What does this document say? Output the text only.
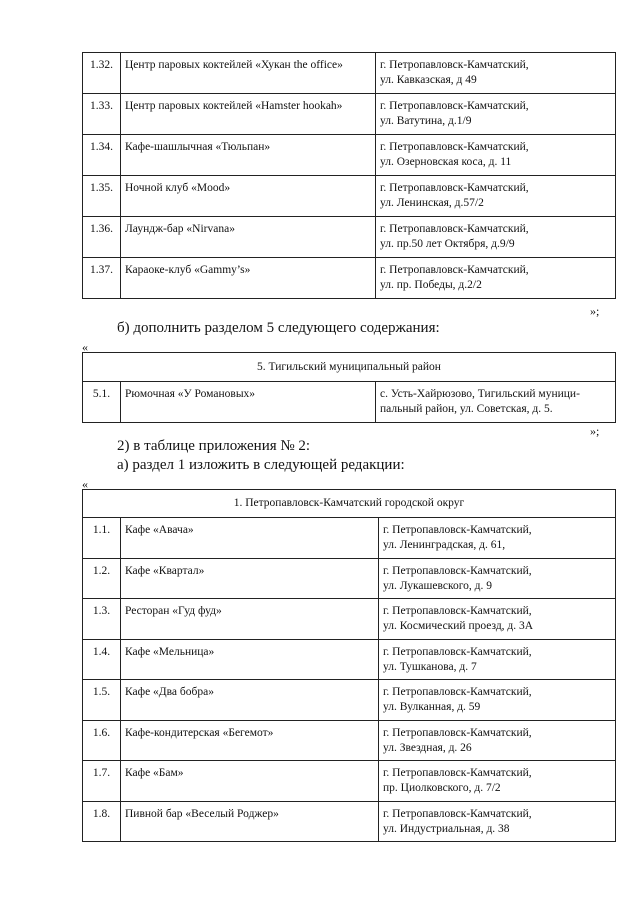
1.32.	Центр паровых коктейлей «Хукан the office»	г. Петропавловск-Камчатский,
ул. Кавказская, д 49

1.33.	Центр паровых коктейлей «Hamster hookah»	г. Петропавловск-Камчатский,
ул. Ватутина, д.1/9

1.34.	Кафе-шашлычная «Тюльпан»	г. Петропавловск-Камчатский,
ул. Озерновская коса, д. 11

1.35.	Ночной клуб «Mood»	г. Петропавловск-Камчатский,
ул. Ленинская, д.57/2

1.36.	Лаундж-бар «Nirvana»	г. Петропавловск-Камчатский,
ул. пр.50 лет Октября, д.9/9

1.37.	Караоке-клуб «Gammy’s»	г. Петропавловск-Камчатский,
ул. пр. Победы, д.2/2
»;
б) дополнить разделом 5 следующего содержания:
«
5. Тигильский муниципальный район
5.1.	Рюмочная «У Романовых»	с. Усть-Хайрюзово, Тигильский муници-
пальный район, ул. Советская, д. 5.
»;
2) в таблице приложения № 2:
а) раздел 1 изложить в следующей редакции:
«
1. Петропавловск-Камчатский городской округ		
1.1.	Кафе «Авача»	г. Петропавловск-Камчатский,
ул. Ленинградская, д. 61,

1.2.	Кафе «Квартал»	г. Петропавловск-Камчатский,
ул. Лукашевского, д. 9

1.3.	Ресторан «Гуд фуд»	г. Петропавловск-Камчатский,
ул. Космический проезд, д. 3А

1.4.	Кафе «Мельница»	г. Петропавловск-Камчатский,
ул. Тушканова, д. 7

1.5.	Кафе «Два бобра»	г. Петропавловск-Камчатский,
ул. Вулканная, д. 59

1.6.	Кафе-кондитерская «Бегемот»	г. Петропавловск-Камчатский,
ул. Звездная, д. 26

1.7.	Кафе «Бам»	г. Петропавловск-Камчатский,
пр. Циолковского, д. 7/2

1.8.	Пивной бар «Веселый Роджер»	г. Петропавловск-Камчатский,
ул. Индустриальная, д. 38
